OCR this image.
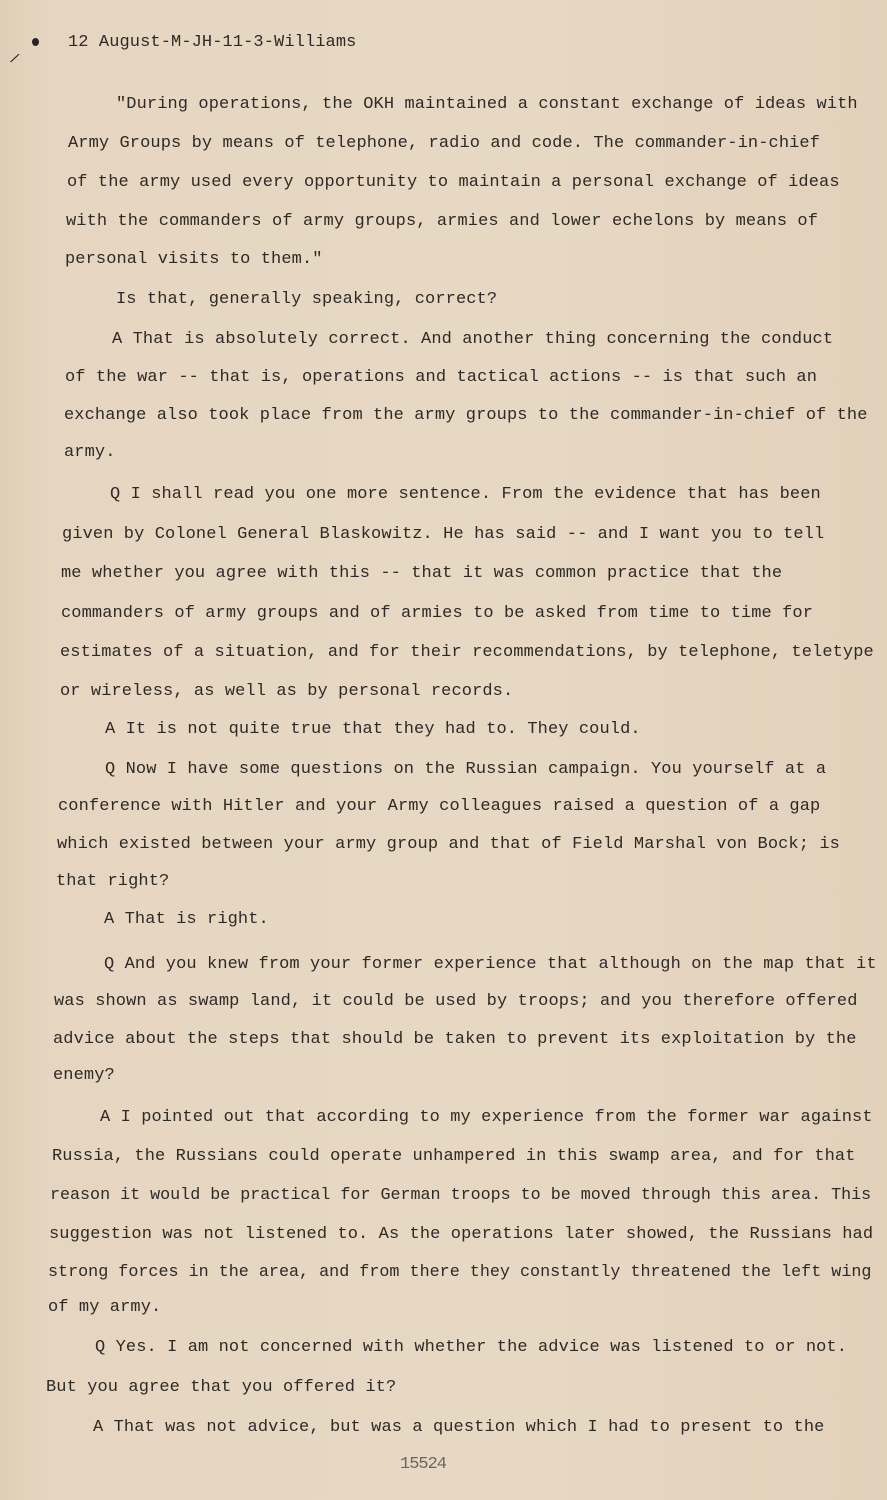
/
12 August-M-JH-11-3-Williams
"During operations, the OKH maintained a constant exchange of ideas with
Army Groups by means of telephone, radio and code. The commander-in-chief
of the army used every opportunity to maintain a personal exchange of ideas
with the commanders of army groups, armies and lower echelons by means of
personal visits to them."
Is that, generally speaking, correct?
A That is absolutely correct. And another thing concerning the conduct
of the war -- that is, operations and tactical actions -- is that such an
exchange also took place from the army groups to the commander-in-chief of the
army.
Q I shall read you one more sentence. From the evidence that has been
given by Colonel General Blaskowitz. He has said -- and I want you to tell
me whether you agree with this -- that it was common practice that the
commanders of army groups and of armies to be asked from time to time for
estimates of a situation, and for their recommendations, by telephone, teletype
or wireless, as well as by personal records.
A It is not quite true that they had to. They could.
Q Now I have some questions on the Russian campaign. You yourself at a
conference with Hitler and your Army colleagues raised a question of a gap
which existed between your army group and that of Field Marshal von Bock; is
that right?
A That is right.
Q And you knew from your former experience that although on the map that it
was shown as swamp land, it could be used by troops; and you therefore offered
advice about the steps that should be taken to prevent its exploitation by the
enemy?
A I pointed out that according to my experience from the former war against
Russia, the Russians could operate unhampered in this swamp area, and for that
reason it would be practical for German troops to be moved through this area. This
suggestion was not listened to. As the operations later showed, the Russians had
strong forces in the area, and from there they constantly threatened the left wing
of my army.
Q Yes. I am not concerned with whether the advice was listened to or not.
But you agree that you offered it?
A That was not advice, but was a question which I had to present to the
15524
